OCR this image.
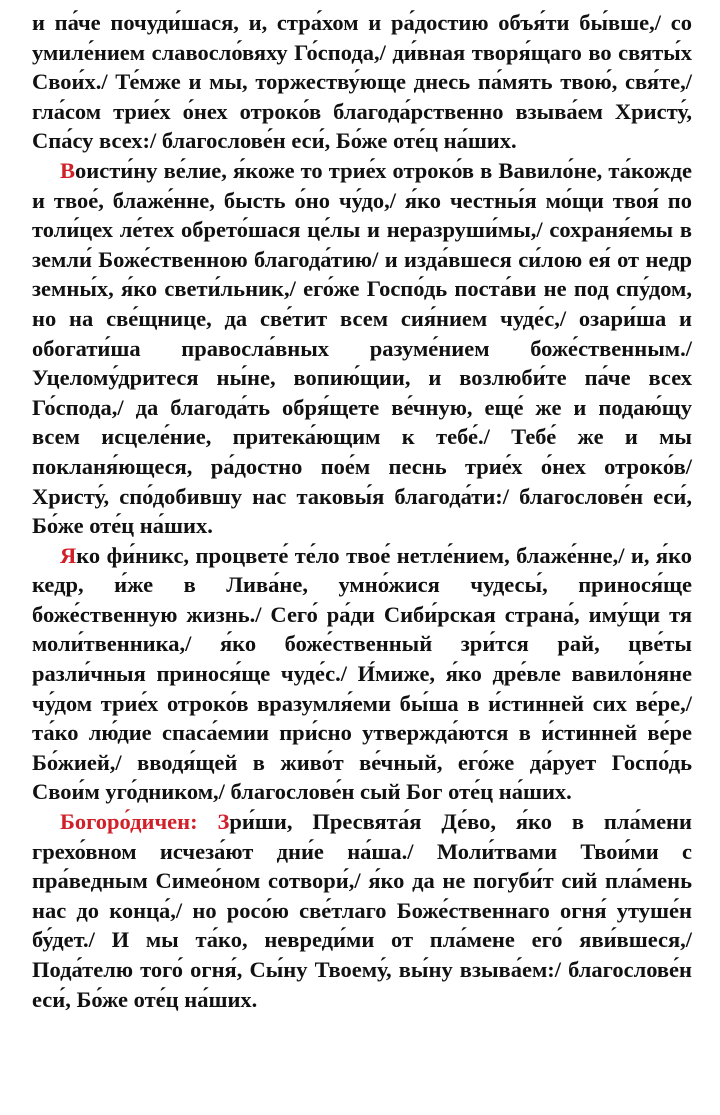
и па́че почуди́шася, и, стра́хом и ра́достию объя́ти бы́вше,/ со умиле́нием славосло́вяху Го́спода,/ ди́вная творя́щаго во святы́х Свои́х./ Те́мже и мы, торжеству́юще днесь па́мять твою́, свя́те,/ гла́сом трие́х о́нех отроко́в благода́рственно взыва́ем Христу́, Спа́су всех:/ благослове́н еси́, Бо́же оте́ц на́ших.

Воисти́ну ве́лие, я́коже то трие́х отроко́в в Вавило́не, та́кожде и твое́, блаже́нне, бысть о́но чу́до,/ я́ко честны́я мо́щи твоя́ по толи́цех ле́тех обрето́шася це́лы и неразруши́мы,/ сохраня́емы в земли́ Боже́ственною благода́тию/ и изда́вшеся си́лою ея́ от недр земны́х, я́ко свети́льник,/ его́же Госпо́дь поста́ви не под спу́дом, но на све́щнице, да све́тит всем сия́нием чуде́с,/ озари́ша и обогати́ша правосла́вных разуме́нием боже́ственным./ Уцелому́дритеся ны́не, вопию́щии, и возлюби́те па́че всех Го́спода,/ да благода́ть обря́щете ве́чную, еще́ же и подаю́щу всем исцеле́ние, притека́ющим к тебе́./ Тебе́ же и мы покланя́ющеся, ра́достно пое́м песнь трие́х о́нех отроко́в/ Христу́, спо́добившу нас таковы́я благода́ти:/ благослове́н еси́, Бо́же оте́ц на́ших.

Яко фи́никс, процвете́ те́ло твое́ нетле́нием, блаже́нне,/ и, я́ко кедр, и́же в Лива́не, умно́жися чудесы́, принося́ще боже́ственную жизнь./ Сего́ ра́ди Сиби́рская страна́, иму́щи тя моли́твенника,/ я́ко боже́ственный зри́тся рай, цве́ты разли́чныя принося́ще чуде́с./ И́миже, я́ко дре́вле вавило́няне чу́дом трие́х отроко́в вразумля́еми бы́ша в и́стинней сих ве́ре,/ та́ко лю́дие спаса́емии при́сно утвержда́ются в и́стинней ве́ре Бо́жией,/ вводя́щей в живо́т ве́чный, его́же да́рует Госпо́дь Свои́м уго́дником,/ благослове́н сый Бог оте́ц на́ших.

Богоро́дичен: Зри́ши, Пресвята́я Де́во, я́ко в пла́мени грехо́вном исчеза́ют дни́е на́ша./ Моли́твами Твои́ми с пра́ведным Симео́ном сотвори́,/ я́ко да не погуби́т сий пла́мень нас до конца́,/ но росо́ю све́тлаго Боже́ственнаго огня́ утуше́н бу́дет./ И мы та́ко, невреди́ми от пла́мене его́ яви́вшеся,/ Пода́телю того́ огня́, Сы́ну Твоему́, вы́ну взыва́ем:/ благослове́н еси́, Бо́же оте́ц на́ших.
